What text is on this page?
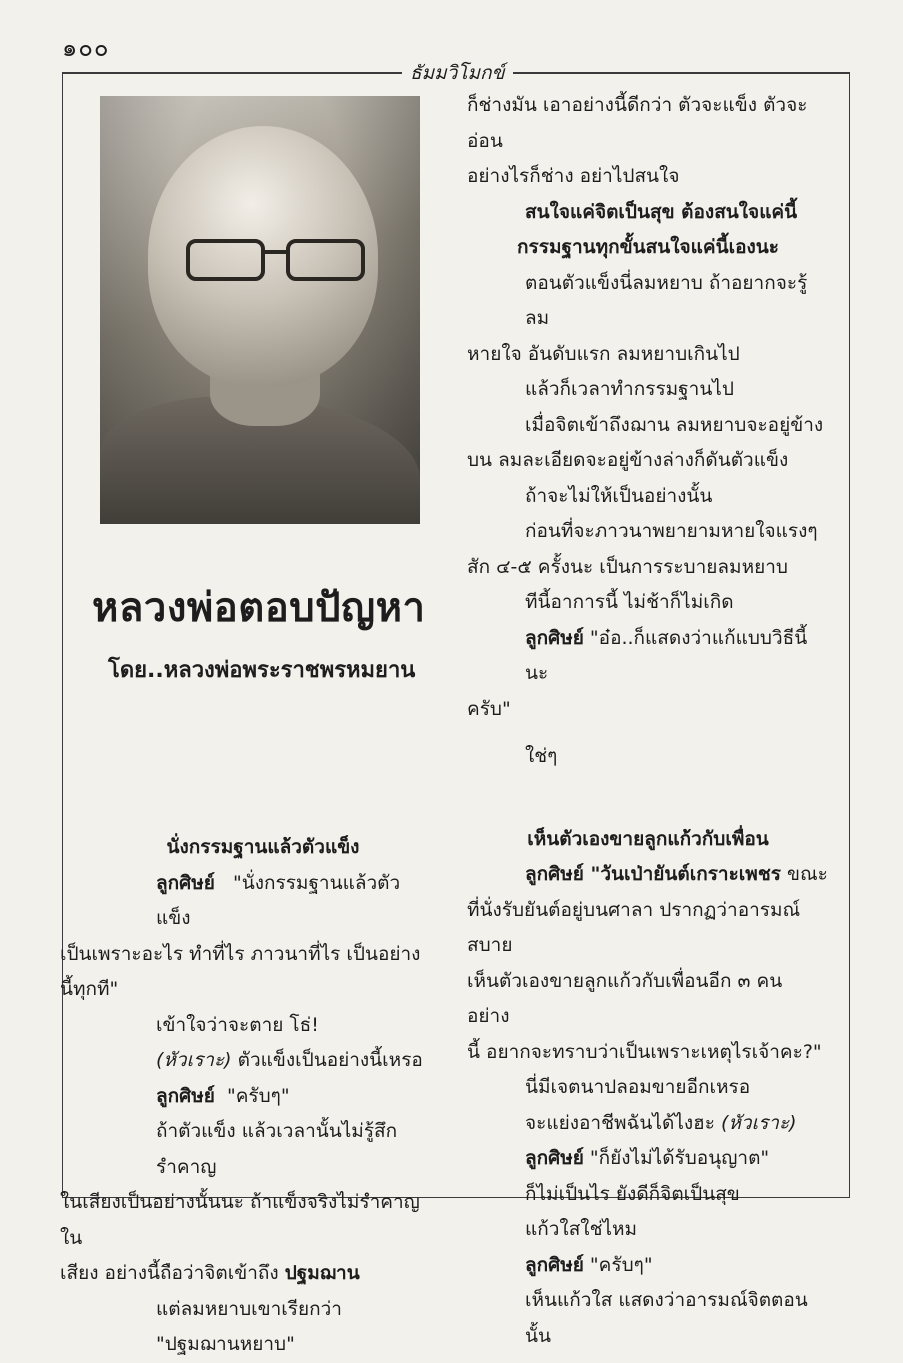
๑๐๐
ธัมมวิโมกข์
หลวงพ่อตอบปัญหา
โดย..หลวงพ่อพระราชพรหมยาน

นั่งกรรมฐานแล้วตัวแข็ง

ลูกศิษย์ "นั่งกรรมฐานแล้วตัวแข็ง

เป็นเพราะอะไร ทำที่ไร ภาวนาที่ไร เป็นอย่าง

นี้ทุกที"

เข้าใจว่าจะตาย โธ่!

(หัวเราะ) ตัวแข็งเป็นอย่างนี้เหรอ

ลูกศิษย์ "ครับๆ"

ถ้าตัวแข็ง แล้วเวลานั้นไม่รู้สึกรำคาญ

ในเสียงเป็นอย่างนั้นนะ ถ้าแข็งจริงไม่รำคาญใน

เสียง อย่างนี้ถือว่าจิตเข้าถึง ปฐมฌาน

แต่ลมหยาบเขาเรียกว่า "ปฐมฌานหยาบ"

ก็ช่างมัน เอาอย่างนี้ดีกว่า ตัวจะแข็ง ตัวจะอ่อน

อย่างไรก็ช่าง อย่าไปสนใจ

สนใจแค่จิตเป็นสุข ต้องสนใจแค่นี้

กรรมฐานทุกขั้นสนใจแค่นี้เองนะ

ตอนตัวแข็งนี่ลมหยาบ ถ้าอยากจะรู้ลม

หายใจ อันดับแรก ลมหยาบเกินไป

แล้วก็เวลาทำกรรมฐานไป

เมื่อจิตเข้าถึงฌาน ลมหยาบจะอยู่ข้าง

บน ลมละเอียดจะอยู่ข้างล่างก็ดันตัวแข็ง

ถ้าจะไม่ให้เป็นอย่างนั้น

ก่อนที่จะภาวนาพยายามหายใจแรงๆ

สัก ๔-๕ ครั้งนะ เป็นการระบายลมหยาบ

ทีนี้อาการนี้ ไม่ช้าก็ไม่เกิด

ลูกศิษย์ "อ๋อ..ก็แสดงว่าแก้แบบวิธีนี้นะ

ครับ"

ใช่ๆ

เห็นตัวเองขายลูกแก้วกับเพื่อน

ลูกศิษย์ "วันเป่ายันต์เกราะเพชร ขณะ

ที่นั่งรับยันต์อยู่บนศาลา ปรากฏว่าอารมณ์สบาย

เห็นตัวเองขายลูกแก้วกับเพื่อนอีก ๓ คน อย่าง

นี้ อยากจะทราบว่าเป็นเพราะเหตุไรเจ้าคะ?"

นี่มีเจตนาปลอมขายอีกเหรอ

จะแย่งอาชีพฉันได้ไงฮะ (หัวเราะ)

ลูกศิษย์ "ก็ยังไม่ได้รับอนุญาต"

ก็ไม่เป็นไร ยังดีก็จิตเป็นสุข

แก้วใสใช่ไหม

ลูกศิษย์ "ครับๆ"

เห็นแก้วใส แสดงว่าอารมณ์จิตตอนนั้น
